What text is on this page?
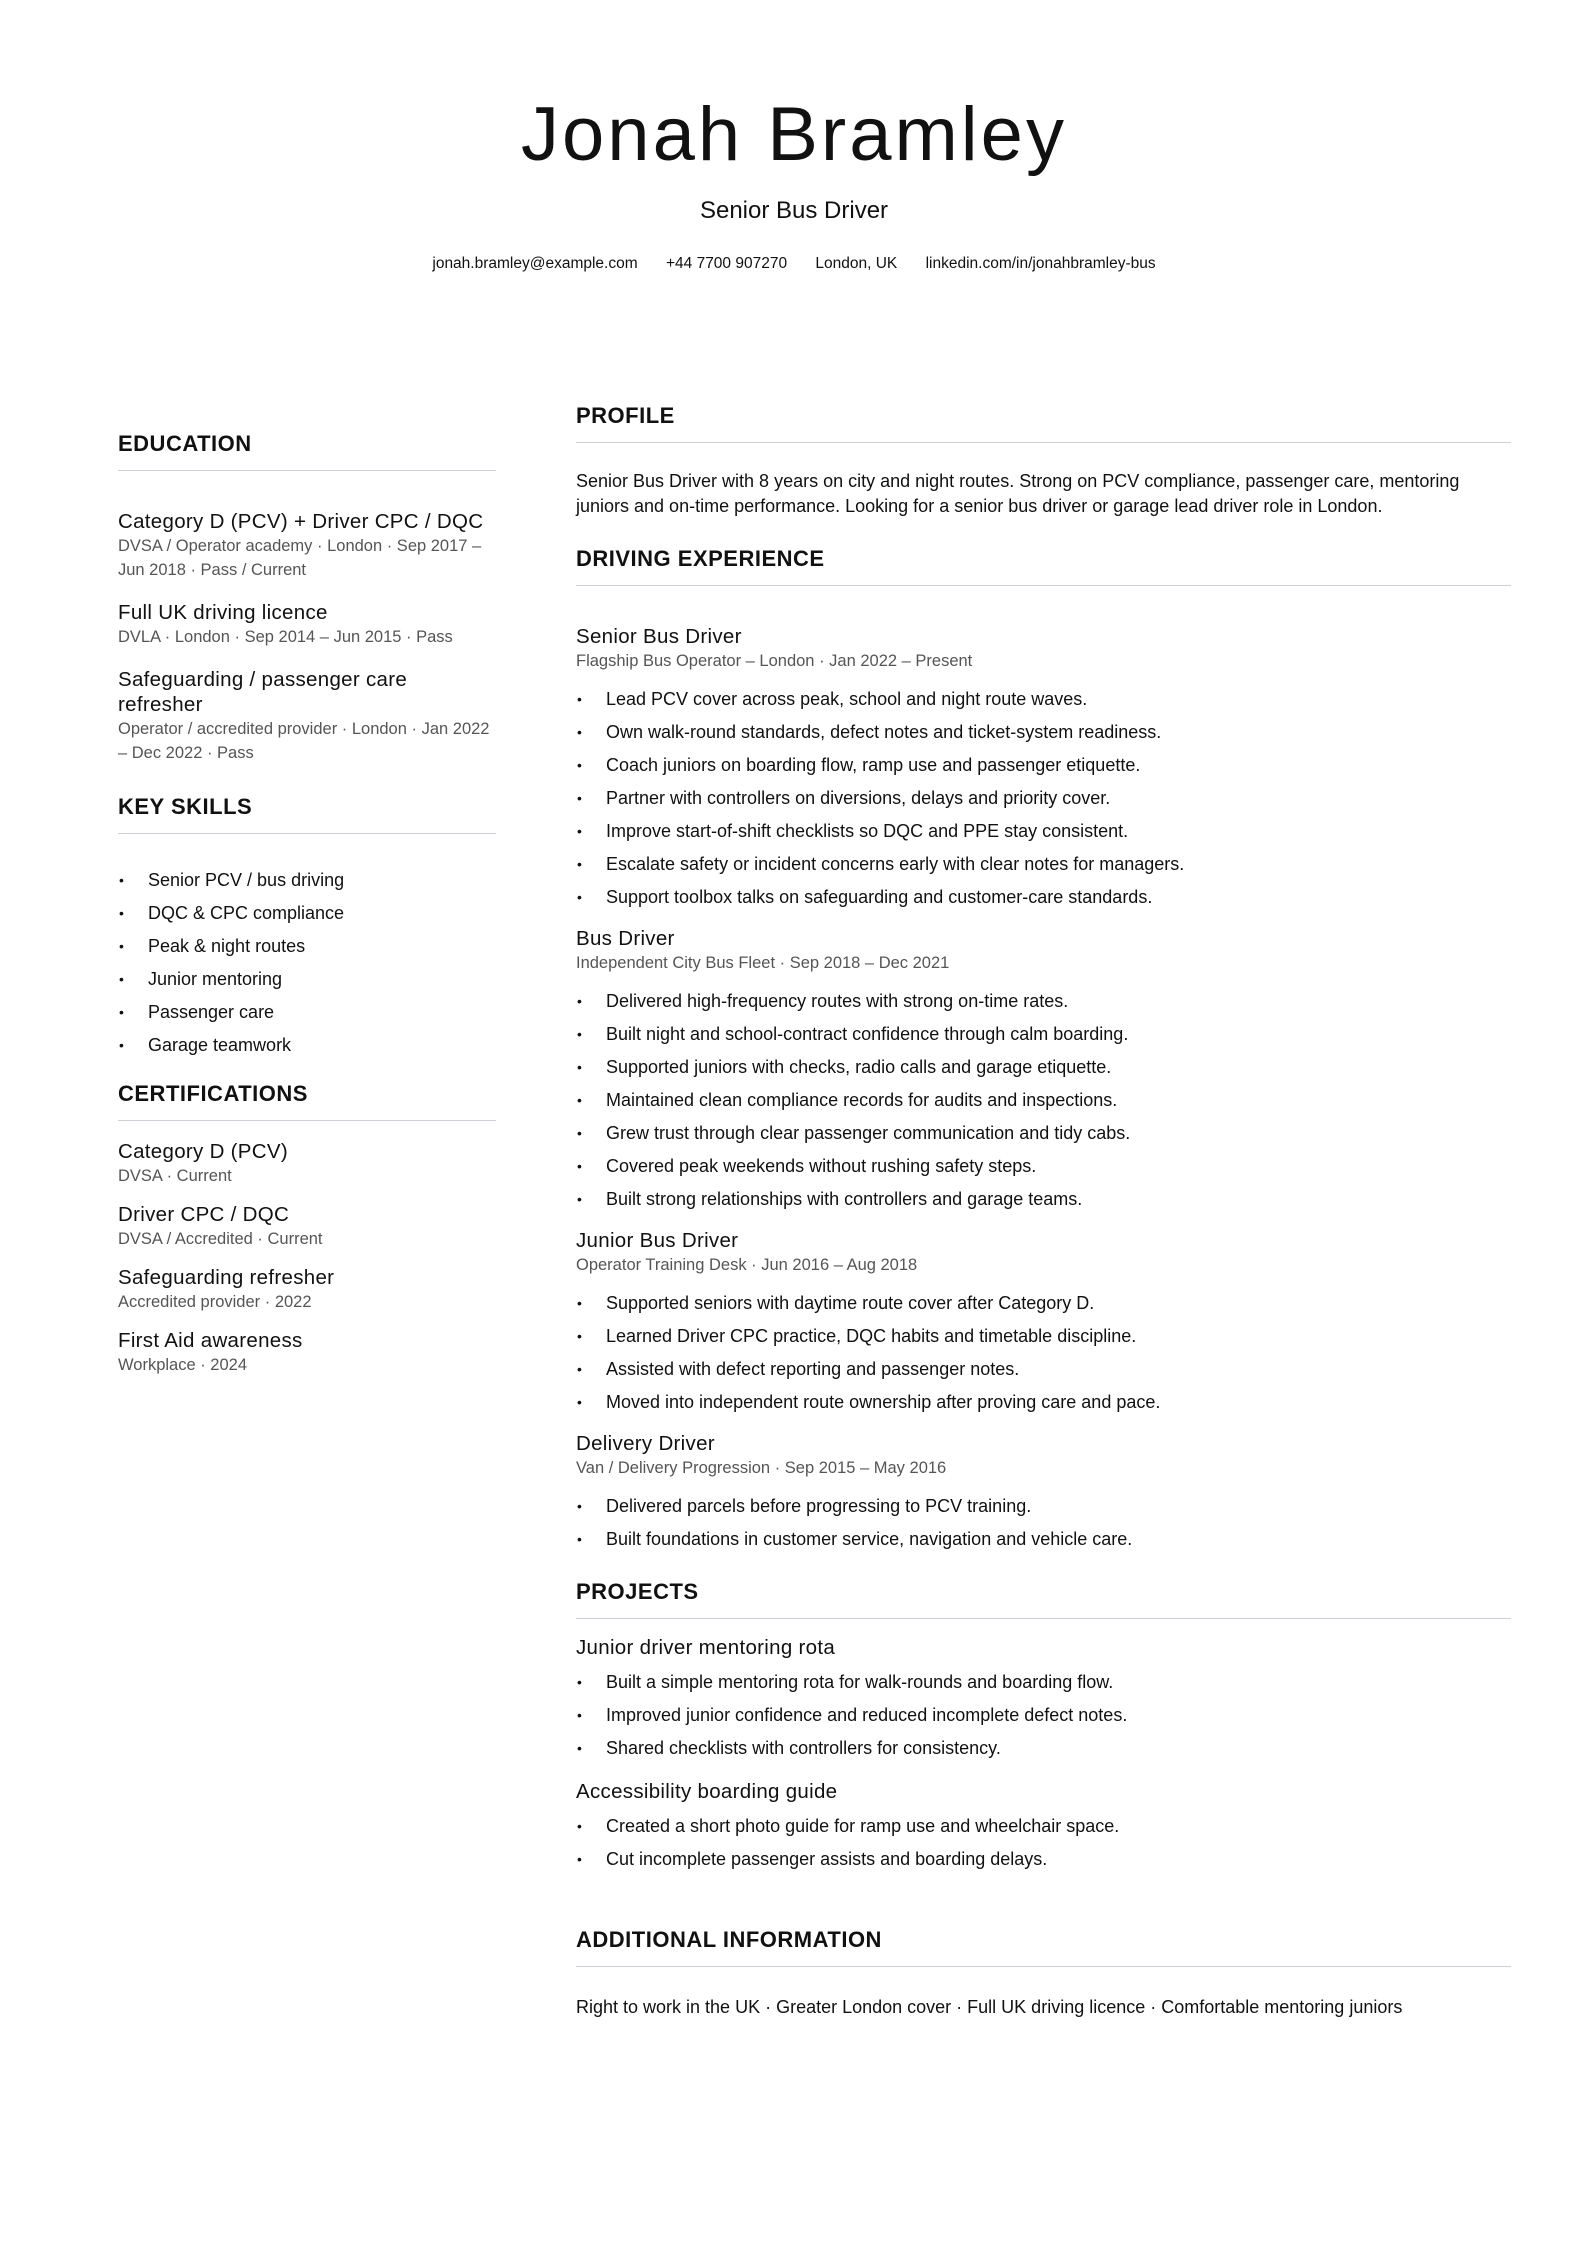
Jonah Bramley
Senior Bus Driver
jonah.bramley@example.com +44 7700 907270 London, UK linkedin.com/in/jonahbramley-bus
EDUCATION
Category D (PCV) + Driver CPC / DQC
DVSA / Operator academy · London · Sep 2017 – Jun 2018 · Pass / Current
Full UK driving licence
DVLA · London · Sep 2014 – Jun 2015 · Pass
Safeguarding / passenger care refresher
Operator / accredited provider · London · Jan 2022 – Dec 2022 · Pass
KEY SKILLS
• Senior PCV / bus driving
• DQC & CPC compliance
• Peak & night routes
• Junior mentoring
• Passenger care
• Garage teamwork
CERTIFICATIONS
Category D (PCV)
DVSA · Current
Driver CPC / DQC
DVSA / Accredited · Current
Safeguarding refresher
Accredited provider · 2022
First Aid awareness
Workplace · 2024
PROFILE
Senior Bus Driver with 8 years on city and night routes. Strong on PCV compliance, passenger care, mentoring juniors and on-time performance. Looking for a senior bus driver or garage lead driver role in London.
DRIVING EXPERIENCE
Senior Bus Driver
Flagship Bus Operator – London · Jan 2022 – Present
• Lead PCV cover across peak, school and night route waves.
• Own walk-round standards, defect notes and ticket-system readiness.
• Coach juniors on boarding flow, ramp use and passenger etiquette.
• Partner with controllers on diversions, delays and priority cover.
• Improve start-of-shift checklists so DQC and PPE stay consistent.
• Escalate safety or incident concerns early with clear notes for managers.
• Support toolbox talks on safeguarding and customer-care standards.
Bus Driver
Independent City Bus Fleet · Sep 2018 – Dec 2021
• Delivered high-frequency routes with strong on-time rates.
• Built night and school-contract confidence through calm boarding.
• Supported juniors with checks, radio calls and garage etiquette.
• Maintained clean compliance records for audits and inspections.
• Grew trust through clear passenger communication and tidy cabs.
• Covered peak weekends without rushing safety steps.
• Built strong relationships with controllers and garage teams.
Junior Bus Driver
Operator Training Desk · Jun 2016 – Aug 2018
• Supported seniors with daytime route cover after Category D.
• Learned Driver CPC practice, DQC habits and timetable discipline.
• Assisted with defect reporting and passenger notes.
• Moved into independent route ownership after proving care and pace.
Delivery Driver
Van / Delivery Progression · Sep 2015 – May 2016
• Delivered parcels before progressing to PCV training.
• Built foundations in customer service, navigation and vehicle care.
PROJECTS
Junior driver mentoring rota
• Built a simple mentoring rota for walk-rounds and boarding flow.
• Improved junior confidence and reduced incomplete defect notes.
• Shared checklists with controllers for consistency.
Accessibility boarding guide
• Created a short photo guide for ramp use and wheelchair space.
• Cut incomplete passenger assists and boarding delays.
ADDITIONAL INFORMATION
Right to work in the UK · Greater London cover · Full UK driving licence · Comfortable mentoring juniors
